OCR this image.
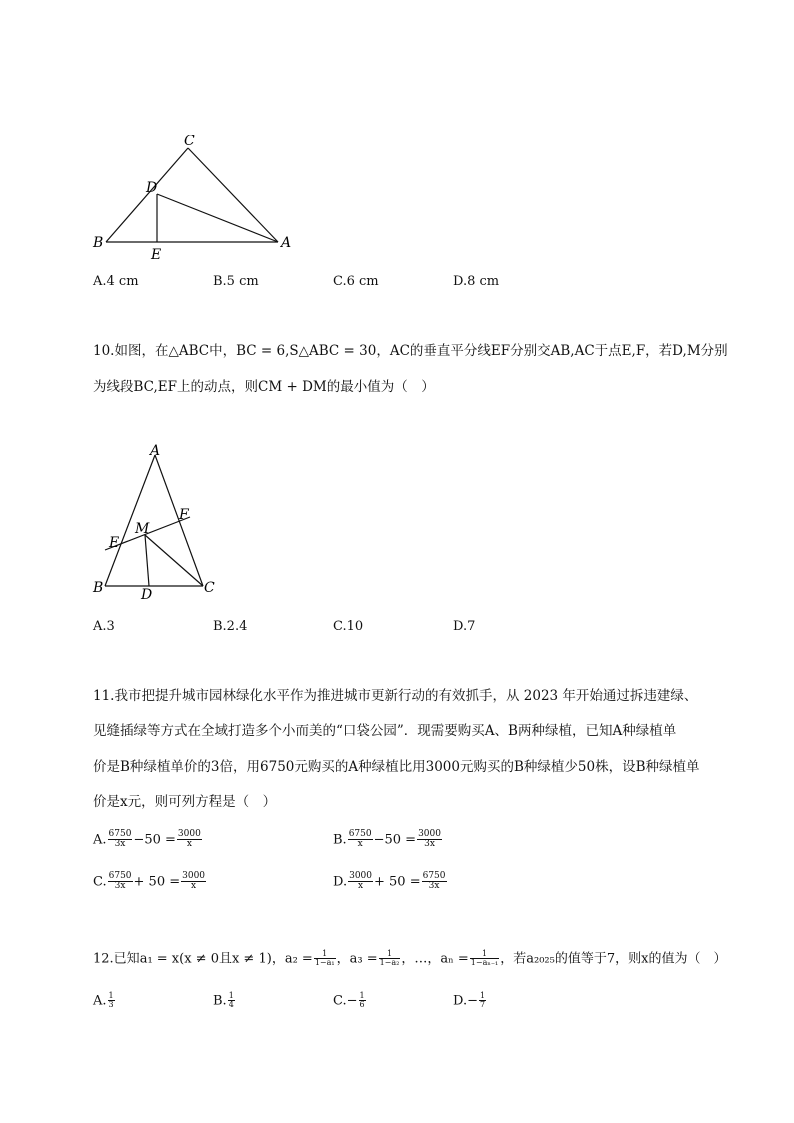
C
D
B	A
E
A.4 cm	B.5 cm	C.6 cm	D.8 cm
10.如图，在△ABC中，BC = 6,S△ABC = 30，AC的垂直平分线EF分别交AB,AC于点E,F，若D,M分别
为线段BC,EF上的动点，则CM + DM的最小值为（　）
A
F
M
E
B	C
D
A.3	B.2.4	C.10	D.7
11.我市把提升城市园林绿化水平作为推进城市更新行动的有效抓手，从 2023 年开始通过拆违建绿、
见缝插绿等方式在全域打造多个小而美的“口袋公园”．现需要购买A、B两种绿植，已知A种绿植单
价是B种绿植单价的3倍，用6750元购买的A种绿植比用3000元购买的B种绿植少50株，设B种绿植单
价是x元，则可列方程是（　）
A. $\frac{6750}{3x} -50 = \frac{3000}{x}$	B. $\frac{6750}{x} -50 = \frac{3000}{3x}$
C. $\frac{6750}{3x} + 50 = \frac{3000}{x}$	D. $\frac{3000}{x} + 50 = \frac{6750}{3x}$
12.已知a₁ = x(x ≠ 0且x ≠ 1)，$a_2 = \frac{1}{\text{1−a₁}}$ ，$a_3 = \frac{1}{\text{1−a₂}}$ ，…，$a_n = \frac{1}{\text{1−aₙ₋₁}}$ ，若a₂₀₂₅的值等于7，则x的值为（　）
A. $\frac{1}{3}$	B. $\frac{1}{4}$	$C.- \frac{1}{6}$	$D.- \frac{1}{7}$
